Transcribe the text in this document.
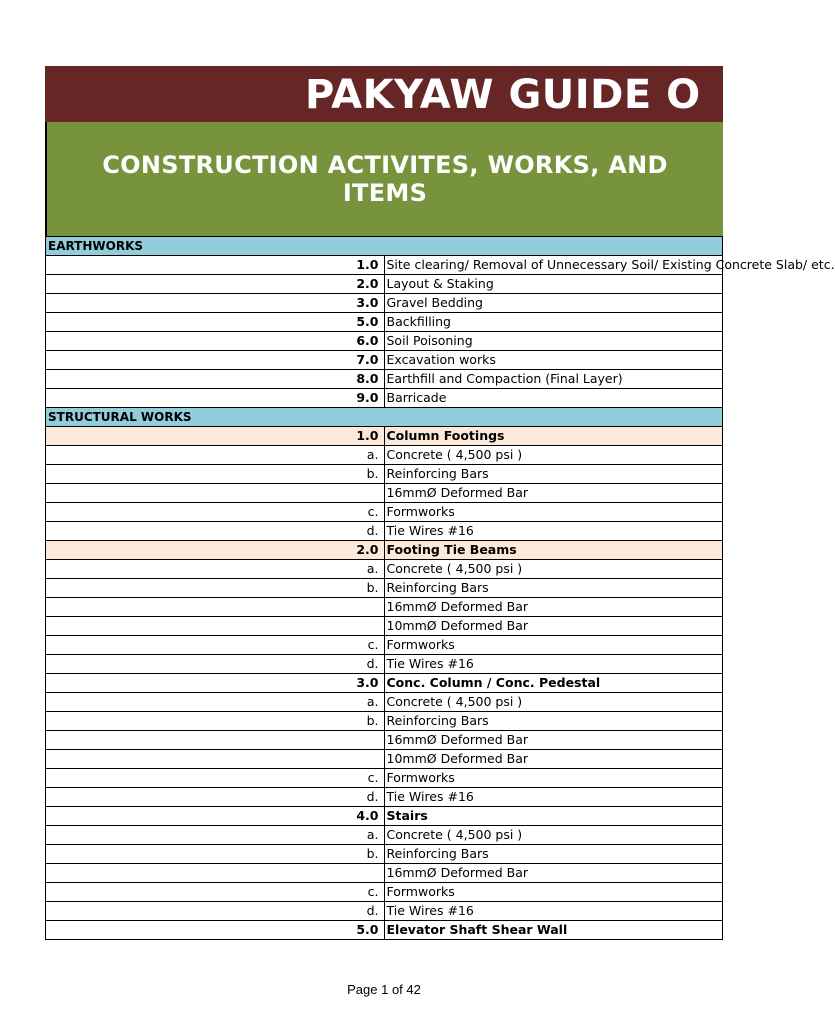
PAKYAW GUIDE O
CONSTRUCTION ACTIVITES, WORKS, AND ITEMS
EARTHWORKS	
1.0	Site clearing/ Removal of Unnecessary Soil/ Existing Concrete Slab/ etc.
2.0	Layout & Staking
3.0	Gravel Bedding
5.0	Backfilling
6.0	Soil Poisoning
7.0	Excavation works
8.0	Earthfill and Compaction (Final Layer)
9.0	Barricade
STRUCTURAL WORKS	
1.0	Column Footings
a.	Concrete ( 4,500 psi )
b.	Reinforcing Bars
	16mmØ Deformed Bar
c.	Formworks
d.	Tie Wires #16
2.0	Footing Tie Beams
a.	Concrete ( 4,500 psi )
b.	Reinforcing Bars
	16mmØ Deformed Bar
	10mmØ Deformed Bar
c.	Formworks
d.	Tie Wires #16
3.0	Conc. Column / Conc. Pedestal
a.	Concrete ( 4,500 psi )
b.	Reinforcing Bars
	16mmØ Deformed Bar
	10mmØ Deformed Bar
c.	Formworks
d.	Tie Wires #16
4.0	Stairs
a.	Concrete ( 4,500 psi )
b.	Reinforcing Bars
	16mmØ Deformed Bar
c.	Formworks
d.	Tie Wires #16
5.0	Elevator Shaft Shear Wall
Page 1 of 42
